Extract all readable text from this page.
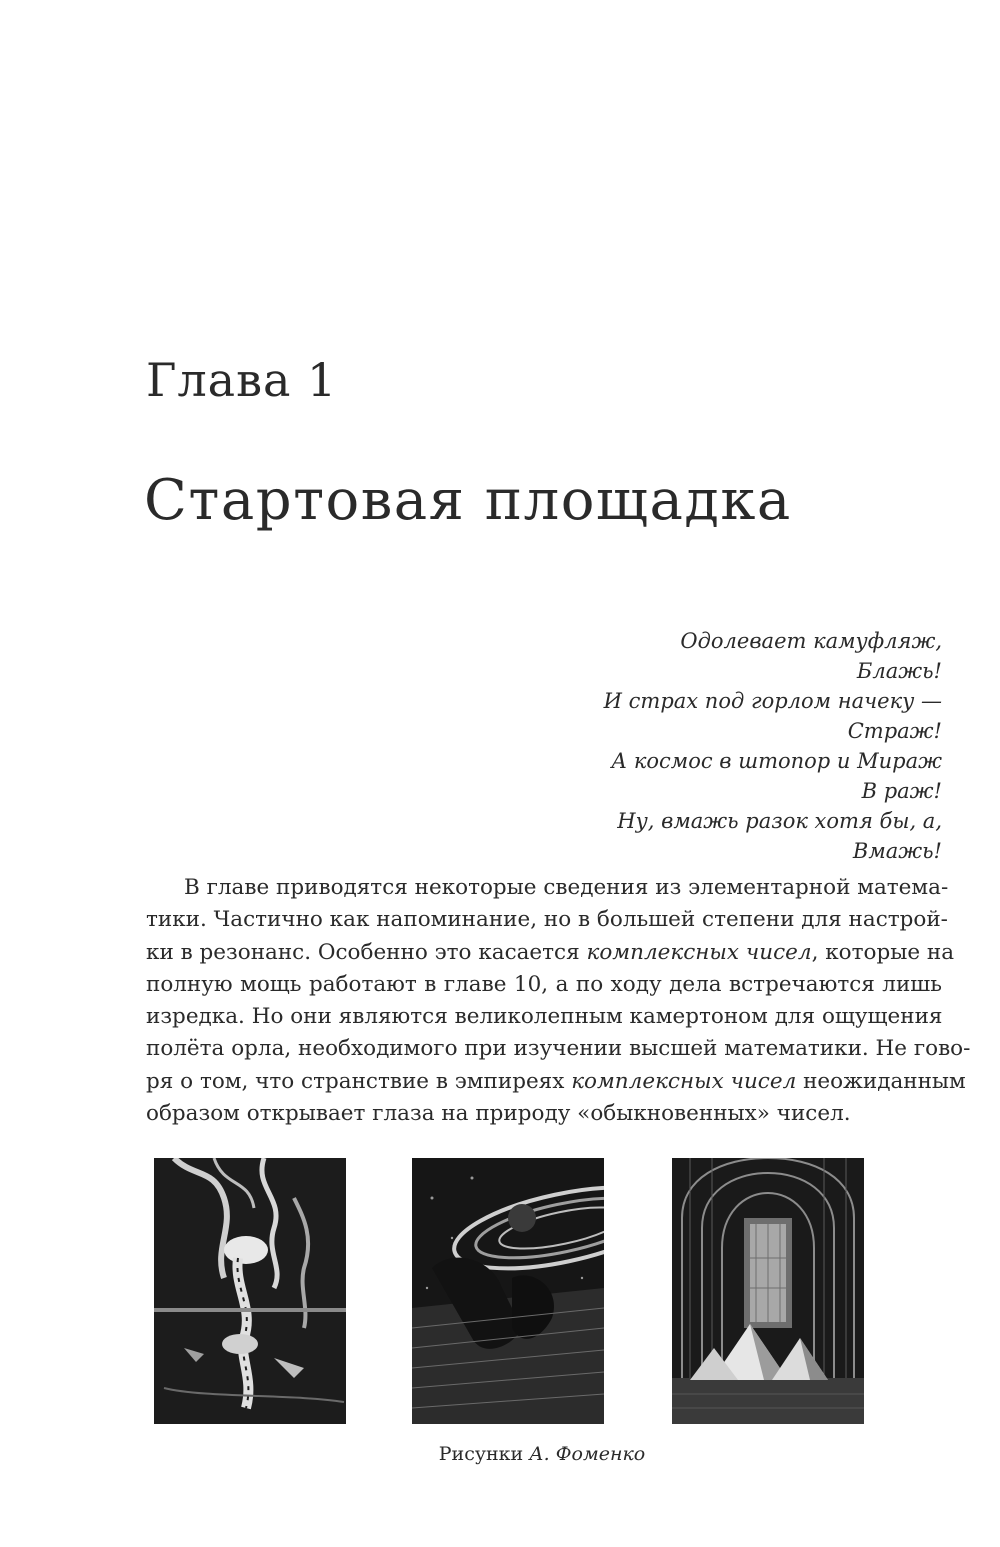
Глава 1
Стартовая площадка
Одолевает камуфляж,
Блажь!
И страх под горлом начеку —
Страж!
А космос в штопор и Мираж
В раж!
Ну, вмажь разок хотя бы, а,
Вмажь!
В главе приводятся некоторые сведения из элементарной матема-
тики. Частично как напоминание, но в большей степени для настрой-
ки в резонанс. Особенно это касается комплексных чисел, которые на
полную мощь работают в главе 10, а по ходу дела встречаются лишь
изредка. Но они являются великолепным камертоном для ощущения
полёта орла, необходимого при изучении высшей математики. Не гово-
ря о том, что странствие в эмпиреях комплексных чисел неожиданным
образом открывает глаза на природу «обыкновенных» чисел.
Рисунки А. Фоменко
